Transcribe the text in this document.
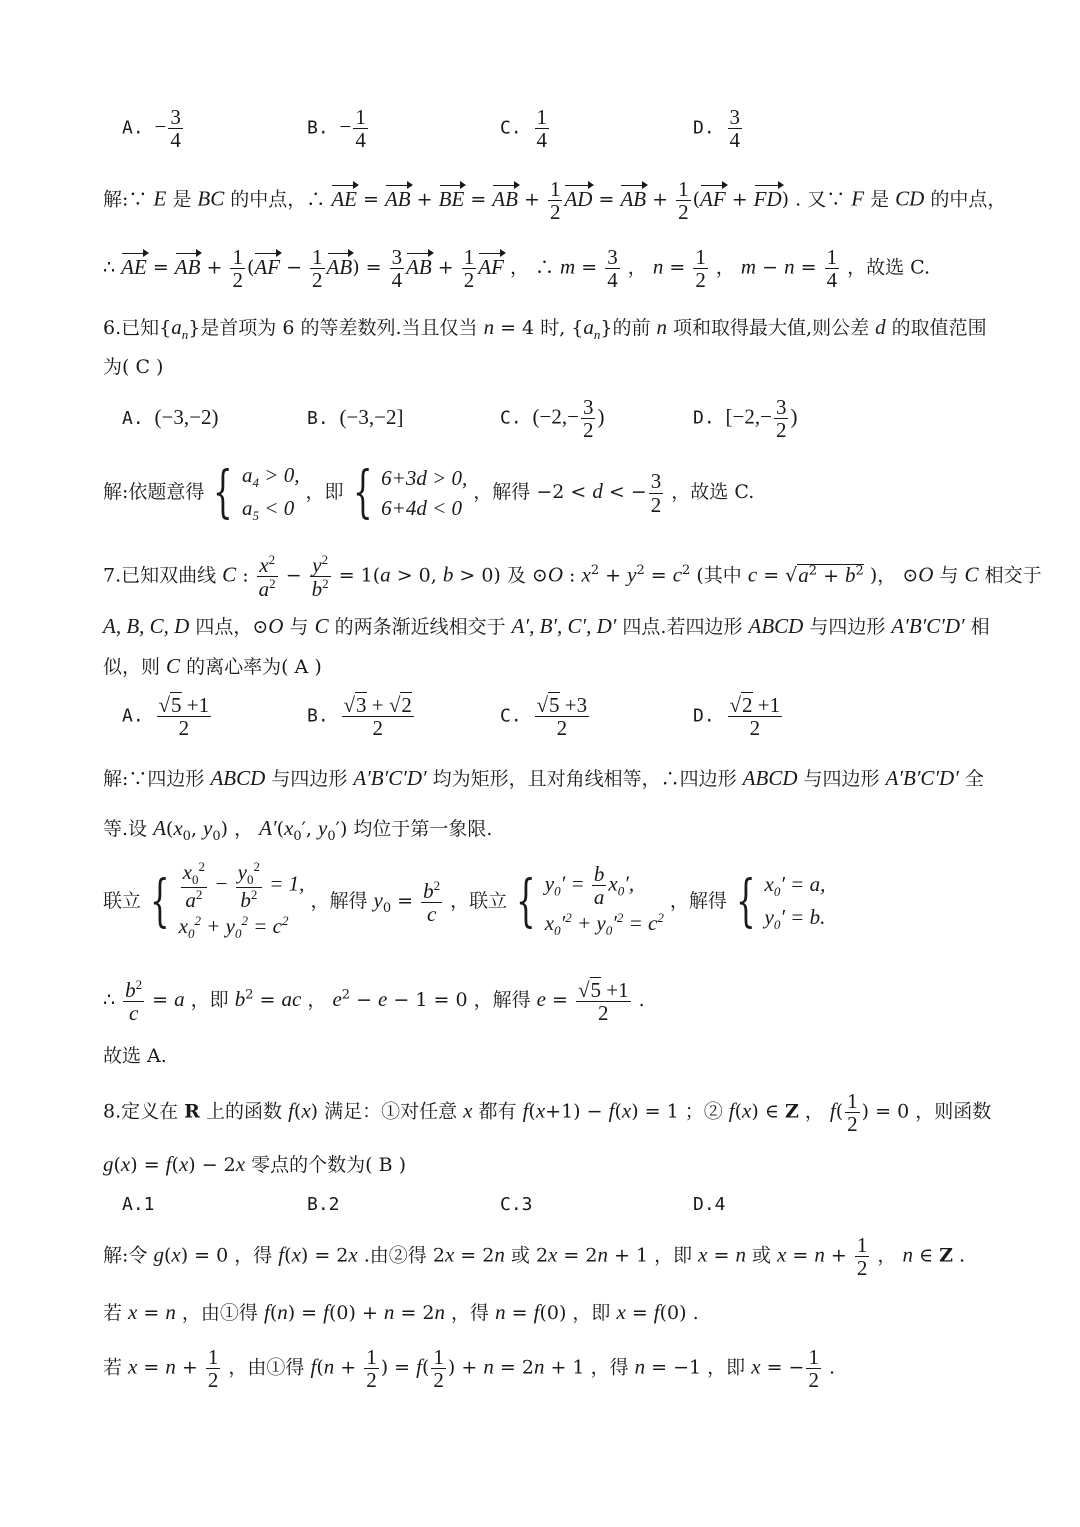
A. − $\frac{3}{4}$	B. − $\frac{1}{4}$	C. $\frac{1}{4}$	D. $\frac{3}{4}$
解:∵ E 是 BC 的中点，∴ AE = AB + BE = AB + $\frac{1}{2}$ AD = AB + $\frac{1}{2} (AF + FD)$ . 又∵ F 是 CD 的中点，
∴ AE = AB + $\frac{1}{2} (AF - \frac{1}{2} AB) = \frac{3}{4}$ AB + $\frac{1}{2}$ AF ， ∴ $m = \frac{3}{4}$ ， $n = \frac{1}{2}$ ， $m - n = \frac{1}{4}$ ，故选 C.
6.已知$\{a_n\}$是首项为 6 的等差数列.当且仅当 n = 4 时, $\{a_n\}$的前 n 项和取得最大值,则公差 d 的取值范围
为( C )
A. (−3,−2)	B. (−3,−2]	C. ($-2,- \frac{3}{2}$ )	D. [$-2,- \frac{3}{2}$ )
解:依题意得 { $a_4 > 0$,
$a_5 < 0$ ，即 { 6+3d > 0,
6+4d < 0 ，解得 −2 < d < − $\frac{3}{2}$ ，故选 C.
7.已知双曲线 C : $\frac{x^2}{a^2} - \frac{y^2}{b^2} = 1(a > 0$, b > 0) 及 ⊙O : $x^2 + y^2 = c^2$ (其中 $c = √a^2 + b^2$ )， ⊙O 与 C 相交于
A, B, C, D 四点，⊙O 与 C 的两条渐近线相交于 A′, B′, C′, D′ 四点.若四边形 ABCD 与四边形 A′B′C′D′ 相
似，则 C 的离心率为( A )
A. $\frac{√5 +1}{2}$	B. $\frac{√3 + √2}{2}$	C. $\frac{√5 +3}{2}$	D. $\frac{√2 +1}{2}$
解:∵四边形 ABCD 与四边形 A′B′C′D′ 均为矩形，且对角线相等，∴四边形 ABCD 与四边形 A′B′C′D′ 全
等.设 $A(x_0$, $y_0$) ， $A'(x_0'$, $y_0'$) 均位于第一象限.
联立 { $\frac{x_0^2}{a^2} - \frac{y_0^2}{b^2} = 1$,
$x_0^2 + y_0^2 = c^2$ ，解得 $y_0 = \frac{b^2}{c}$ ，联立 { $y_0' = \frac{b}{a} x_0'$,
$x_0'^2 + y_0'^2 = c^2$ ，解得 { $x_0' = a$,
$y_0' = b$.
∴ $\frac{b^2}{c} = a$ ，即 $b^2$ = ac ， $e^2 - e - 1 = 0$ ，解得 $e = \frac{√5 +1}{2}$ .
故选 A.
8.定义在 R 上的函数 f(x) 满足：①对任意 x 都有 f(x+1) − f(x) = 1 ；② f(x) ∈ Z ， $f( \frac{1}{2}$ ) = 0 ，则函数
g(x) = f(x) − 2x 零点的个数为( B )
A.1	B.2	C.3	D.4
解:令 g(x) = 0 ，得 f(x) = 2x .由②得 2x = 2n 或 2x = 2n + 1 ，即 x = n 或 $x = n + \frac{1}{2}$ ， n ∈ Z .
若 x = n ，由①得 f(n) = f(0) + n = 2n ，得 n = f(0) ，即 x = f(0) .
若 $x = n + \frac{1}{2}$ ，由①得 $f(n + \frac{1}{2}$ ) = $f( \frac{1}{2}$ ) + n = 2n + 1 ，得 n = −1 ，即 x = − $\frac{1}{2}$ .
